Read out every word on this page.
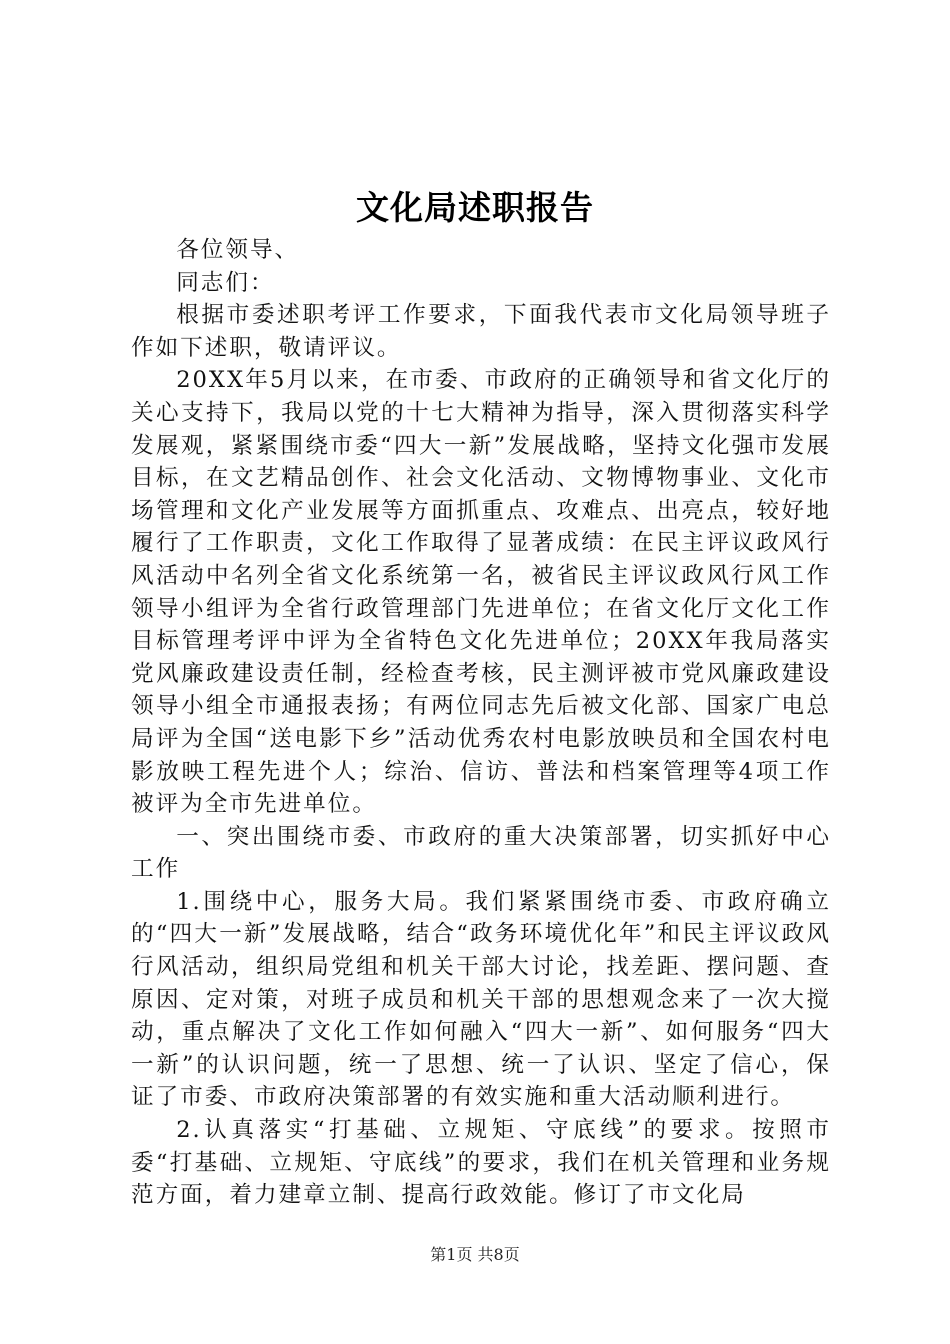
文化局述职报告

各位领导、

同志们：

根据市委述职考评工作要求，下面我代表市文化局领导班子作如下述职，敬请评议。

20XX年5月以来，在市委、市政府的正确领导和省文化厅的关心支持下，我局以党的十七大精神为指导，深入贯彻落实科学发展观，紧紧围绕市委“四大一新”发展战略，坚持文化强市发展目标，在文艺精品创作、社会文化活动、文物博物事业、文化市场管理和文化产业发展等方面抓重点、攻难点、出亮点，较好地履行了工作职责，文化工作取得了显著成绩：在民主评议政风行风活动中名列全省文化系统第一名，被省民主评议政风行风工作领导小组评为全省行政管理部门先进单位；在省文化厅文化工作目标管理考评中评为全省特色文化先进单位；20XX年我局落实党风廉政建设责任制，经检查考核，民主测评被市党风廉政建设领导小组全市通报表扬；有两位同志先后被文化部、国家广电总局评为全国“送电影下乡”活动优秀农村电影放映员和全国农村电影放映工程先进个人；综治、信访、普法和档案管理等4项工作被评为全市先进单位。

一、突出围绕市委、市政府的重大决策部署，切实抓好中心工作

1.围绕中心，服务大局。我们紧紧围绕市委、市政府确立的“四大一新”发展战略，结合“政务环境优化年”和民主评议政风行风活动，组织局党组和机关干部大讨论，找差距、摆问题、查原因、定对策，对班子成员和机关干部的思想观念来了一次大搅动，重点解决了文化工作如何融入“四大一新”、如何服务“四大一新”的认识问题，统一了思想、统一了认识、坚定了信心，保证了市委、市政府决策部署的有效实施和重大活动顺利进行。

2.认真落实“打基础、立规矩、守底线”的要求。按照市委“打基础、立规矩、守底线”的要求，我们在机关管理和业务规范方面，着力建章立制、提高行政效能。修订了市文化局

第1页 共8页
